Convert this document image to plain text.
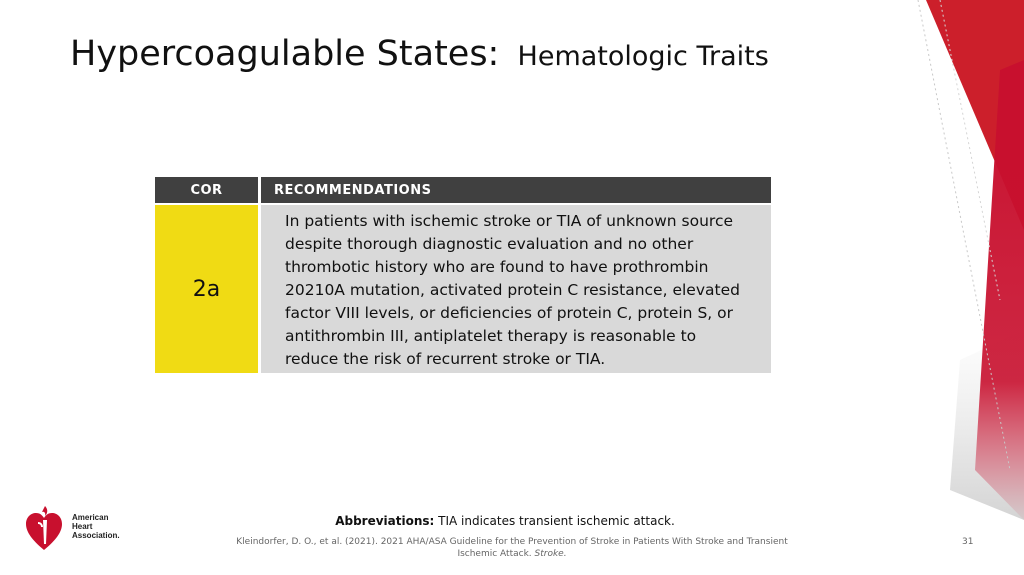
Hypercoagulable States: Hematologic Traits
COR	RECOMMENDATIONS
2a
In patients with ischemic stroke or TIA of unknown source
despite thorough diagnostic evaluation and no other
thrombotic history who are found to have prothrombin
20210A mutation, activated protein C resistance, elevated
factor VIII levels, or deficiencies of protein C, protein S, or
antithrombin III, antiplatelet therapy is reasonable to
reduce the risk of recurrent stroke or TIA.
Abbreviations: TIA indicates transient ischemic attack.
Kleindorfer, D. O., et al. (2021). 2021 AHA/ASA Guideline for the Prevention of Stroke in Patients With Stroke and Transient
Ischemic Attack. Stroke.
31
American
Heart
Association.
